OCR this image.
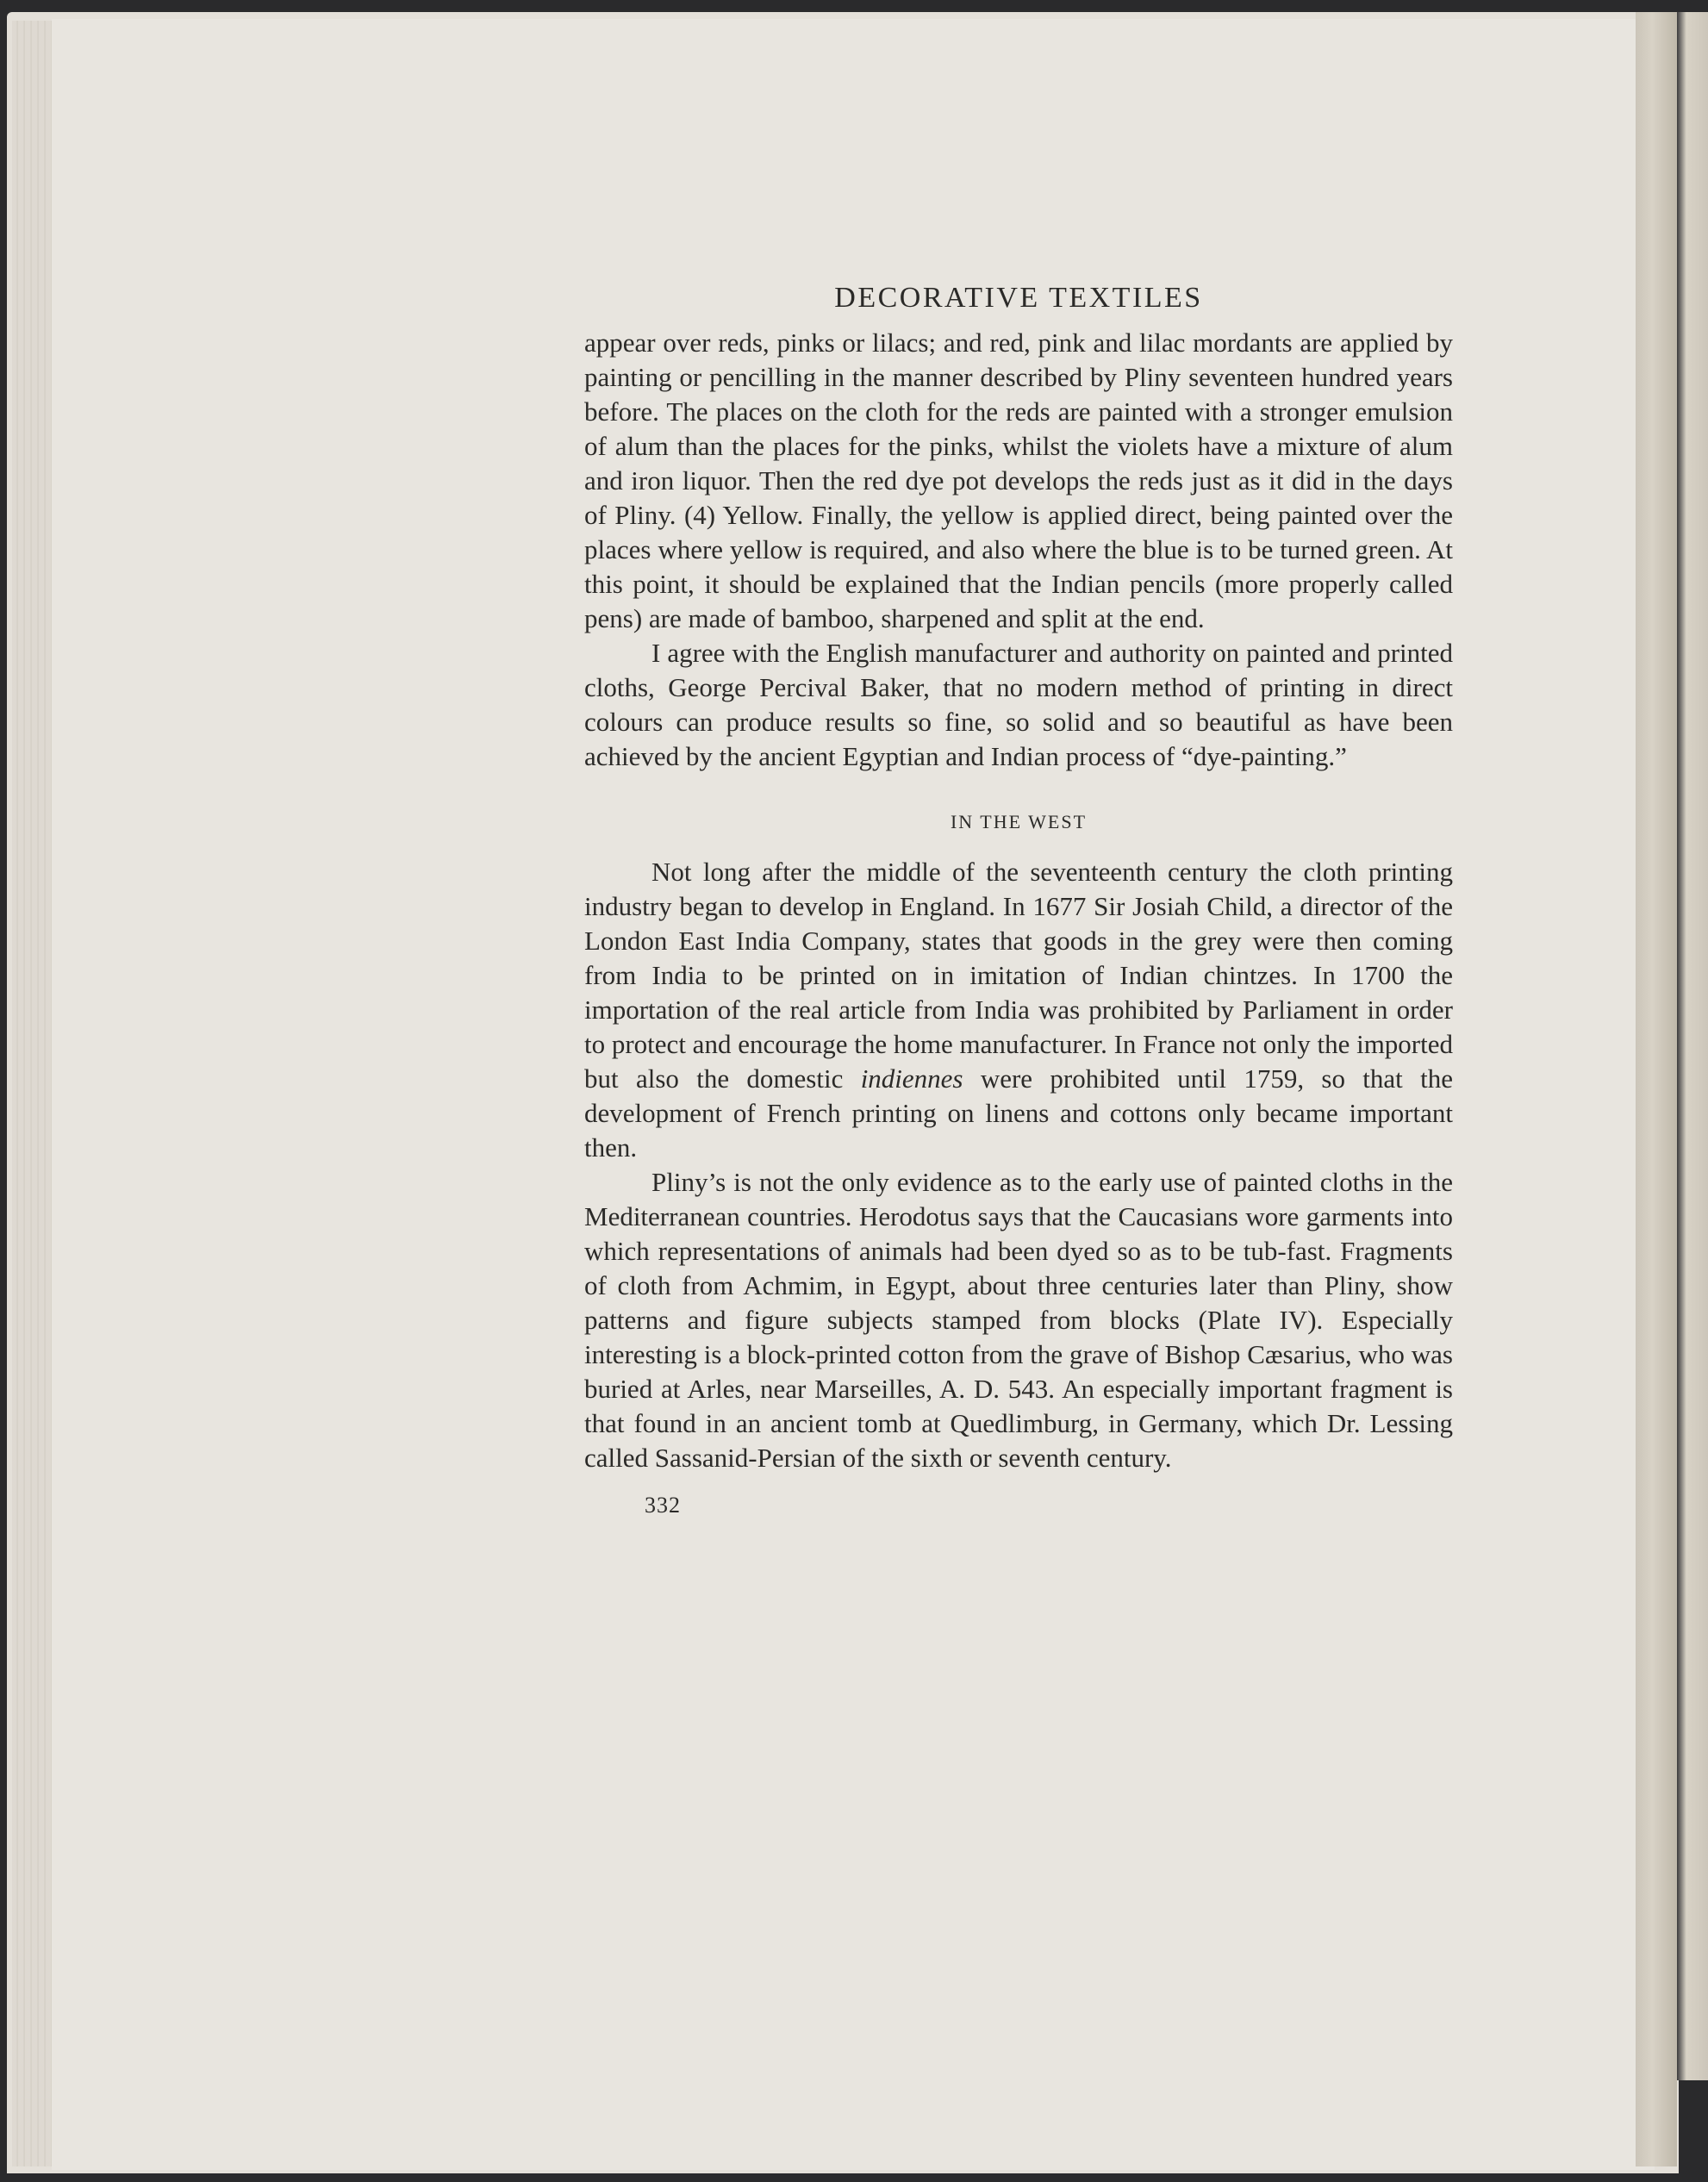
DECORATIVE TEXTILES

appear over reds, pinks or lilacs; and red, pink and lilac mordants are applied by painting or pencilling in the manner described by Pliny seventeen hundred years before. The places on the cloth for the reds are painted with a stronger emulsion of alum than the places for the pinks, whilst the violets have a mixture of alum and iron liquor. Then the red dye pot develops the reds just as it did in the days of Pliny. (4) Yellow. Finally, the yellow is applied direct, being painted over the places where yellow is required, and also where the blue is to be turned green. At this point, it should be explained that the Indian pencils (more properly called pens) are made of bamboo, sharpened and split at the end.

I agree with the English manufacturer and authority on painted and printed cloths, George Percival Baker, that no modern method of printing in direct colours can produce results so fine, so solid and so beautiful as have been achieved by the ancient Egyptian and Indian process of “dye-painting.”

IN THE WEST

Not long after the middle of the seventeenth century the cloth printing industry began to develop in England. In 1677 Sir Josiah Child, a director of the London East India Company, states that goods in the grey were then coming from India to be printed on in imitation of Indian chintzes. In 1700 the importation of the real article from India was prohibited by Parliament in order to protect and encourage the home manufacturer. In France not only the imported but also the domestic indiennes were prohibited until 1759, so that the development of French printing on linens and cottons only became important then.

Pliny’s is not the only evidence as to the early use of painted cloths in the Mediterranean countries. Herodotus says that the Caucasians wore garments into which representations of animals had been dyed so as to be tub-fast. Fragments of cloth from Achmim, in Egypt, about three centuries later than Pliny, show patterns and figure subjects stamped from blocks (Plate IV). Especially interesting is a block-printed cotton from the grave of Bishop Cæsarius, who was buried at Arles, near Marseilles, A. D. 543. An especially important fragment is that found in an ancient tomb at Quedlimburg, in Germany, which Dr. Lessing called Sassanid-Persian of the sixth or seventh century.

332
